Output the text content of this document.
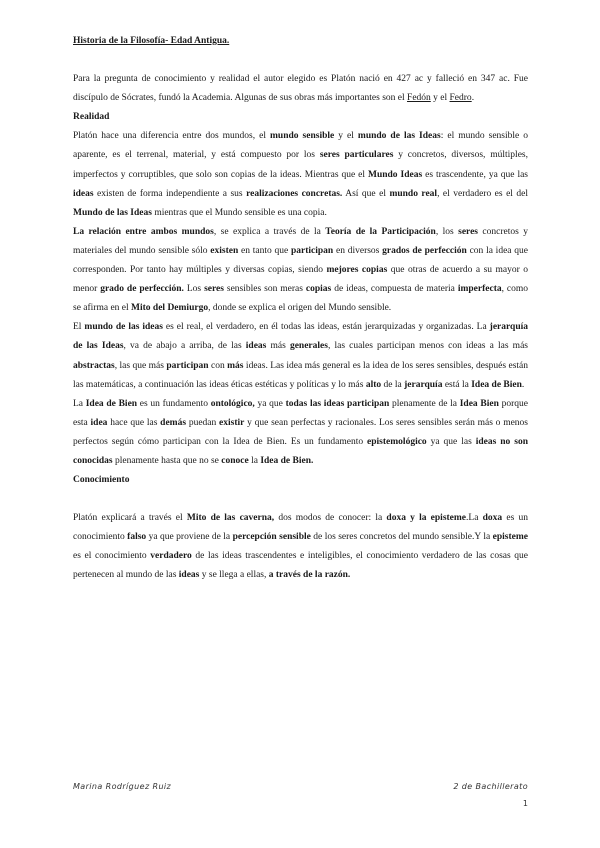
Historia de la Filosofía- Edad Antigua.

Para la pregunta de conocimiento y realidad el autor elegido es Platón nació en 427 ac y falleció en 347 ac. Fue discípulo de Sócrates, fundó la Academia. Algunas de sus obras más importantes son el Fedón y el Fedro.

Realidad

Platón hace una diferencia entre dos mundos, el mundo sensible y el mundo de las Ideas: el mundo sensible o aparente, es el terrenal, material, y está compuesto por los seres particulares y concretos, diversos, múltiples, imperfectos y corruptibles, que solo son copias de la ideas. Mientras que el Mundo Ideas es trascendente, ya que las ideas existen de forma independiente a sus realizaciones concretas. Así que el mundo real, el verdadero es el del Mundo de las Ideas mientras que el Mundo sensible es una copia.

La relación entre ambos mundos, se explica a través de la Teoría de la Participación, los seres concretos y materiales del mundo sensible sólo existen en tanto que participan en diversos grados de perfección con la idea que corresponden. Por tanto hay múltiples y diversas copias, siendo mejores copias que otras de acuerdo a su mayor o menor grado de perfección. Los seres sensibles son meras copias de ideas, compuesta de materia imperfecta, como se afirma en el Mito del Demiurgo, donde se explica el origen del Mundo sensible.

El mundo de las ideas es el real, el verdadero, en él todas las ideas, están jerarquizadas y organizadas. La jerarquía de las Ideas, va de abajo a arriba, de las ideas más generales, las cuales participan menos con ideas a las más abstractas, las que más participan con más ideas. Las idea más general es la idea de los seres sensibles, después están las matemáticas, a continuación las ideas éticas estéticas y políticas y lo más alto de la jerarquía está la Idea de Bien.

La Idea de Bien es un fundamento ontológico, ya que todas las ideas participan plenamente de la Idea Bien porque esta idea hace que las demás puedan existir y que sean perfectas y racionales. Los seres sensibles serán más o menos perfectos según cómo participan con la Idea de Bien. Es un fundamento epistemológico ya que las ideas no son conocidas plenamente hasta que no se conoce la Idea de Bien.

Conocimiento

Platón explicará a través el Mito de las caverna, dos modos de conocer: la doxa y la episteme.La doxa es un conocimiento falso ya que proviene de la percepción sensible de los seres concretos del mundo sensible.Y la episteme es el conocimiento verdadero de las ideas trascendentes e inteligibles, el conocimiento verdadero de las cosas que pertenecen al mundo de las ideas y se llega a ellas, a través de la razón.

Marina Rodríguez Ruiz	2 de Bachillerato
1
